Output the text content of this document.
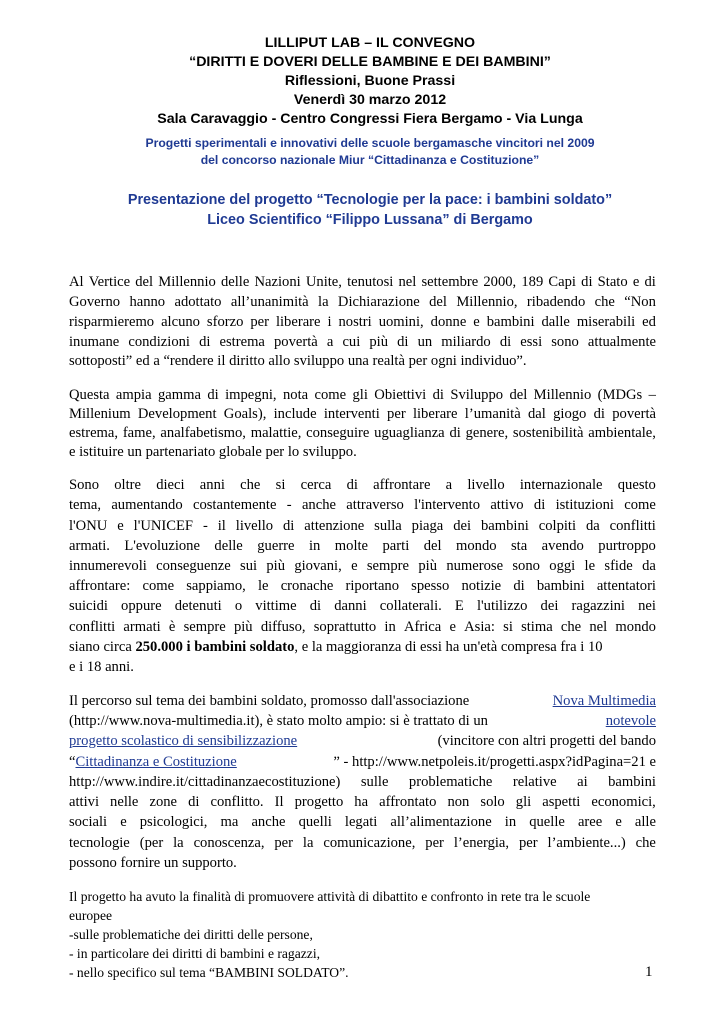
LILLIPUT LAB – IL CONVEGNO
“DIRITTI E DOVERI DELLE BAMBINE E DEI BAMBINI”
Riflessioni, Buone Prassi
Venerdì 30 marzo 2012
Sala Caravaggio - Centro Congressi Fiera Bergamo - Via Lunga
Progetti sperimentali e innovativi delle scuole bergamasche vincitori nel 2009
del concorso nazionale Miur “Cittadinanza e Costituzione”
Presentazione del progetto “Tecnologie per la pace: i bambini soldato”
Liceo Scientifico “Filippo Lussana” di Bergamo
Al Vertice del Millennio delle Nazioni Unite, tenutosi nel settembre 2000, 189 Capi di Stato e di
Governo hanno adottato all’unanimità la Dichiarazione del Millennio, ribadendo che “Non
risparmieremo alcuno sforzo per liberare i nostri uomini, donne e bambini dalle miserabili ed
inumane condizioni di estrema povertà a cui più di un miliardo di essi sono attualmente
sottoposti” ed a “rendere il diritto allo sviluppo una realtà per ogni individuo”.
Questa ampia gamma di impegni, nota come gli Obiettivi di Sviluppo del Millennio (MDGs –
Millenium Development Goals), include interventi per liberare l’umanità dal giogo di povertà
estrema, fame, analfabetismo, malattie, conseguire uguaglianza di genere, sostenibilità ambientale,
e istituire un partenariato globale per lo sviluppo.
Sono oltre dieci anni che si cerca di affrontare a livello internazionale questo
tema, aumentando costantemente - anche attraverso l'intervento attivo di istituzioni come
l'ONU e l'UNICEF - il livello di attenzione sulla piaga dei bambini colpiti da conflitti
armati. L'evoluzione delle guerre in molte parti del mondo sta avendo purtroppo
innumerevoli conseguenze sui più giovani, e sempre più numerose sono oggi le sfide da
affrontare: come sappiamo, le cronache riportano spesso notizie di bambini attentatori
suicidi oppure detenuti o vittime di danni collaterali. E l'utilizzo dei ragazzini nei
conflitti armati è sempre più diffuso, soprattutto in Africa e Asia: si stima che nel mondo
siano circa 250.000 i bambini soldato, e la maggioranza di essi ha un'età compresa fra i 10
e i 18 anni.
Il percorso sul tema dei bambini soldato, promosso dall'associazione	Nova Multimedia
(http://www.nova-multimedia.it), è stato molto ampio: si è trattato di un	notevole
progetto scolastico di sensibilizzazione	(vincitore con altri progetti del bando
“Cittadinanza e Costituzione	” - http://www.netpoleis.it/progetti.aspx?idPagina=21 e
http://www.indire.it/cittadinanzaecostituzione) sulle problematiche relative ai bambini
attivi nelle zone di conflitto. Il progetto ha affrontato non solo gli aspetti economici,
sociali e psicologici, ma anche quelli legati all’alimentazione in quelle aree e alle
tecnologie (per la conoscenza, per la comunicazione, per l’energia, per l’ambiente...) che
possono fornire un supporto.
Il progetto ha avuto la finalità di promuovere attività di dibattito e confronto in rete tra le scuole
europee
-sulle problematiche dei diritti delle persone,
- in particolare dei diritti di bambini e ragazzi,
- nello specifico sul tema “BAMBINI SOLDATO”.	1
